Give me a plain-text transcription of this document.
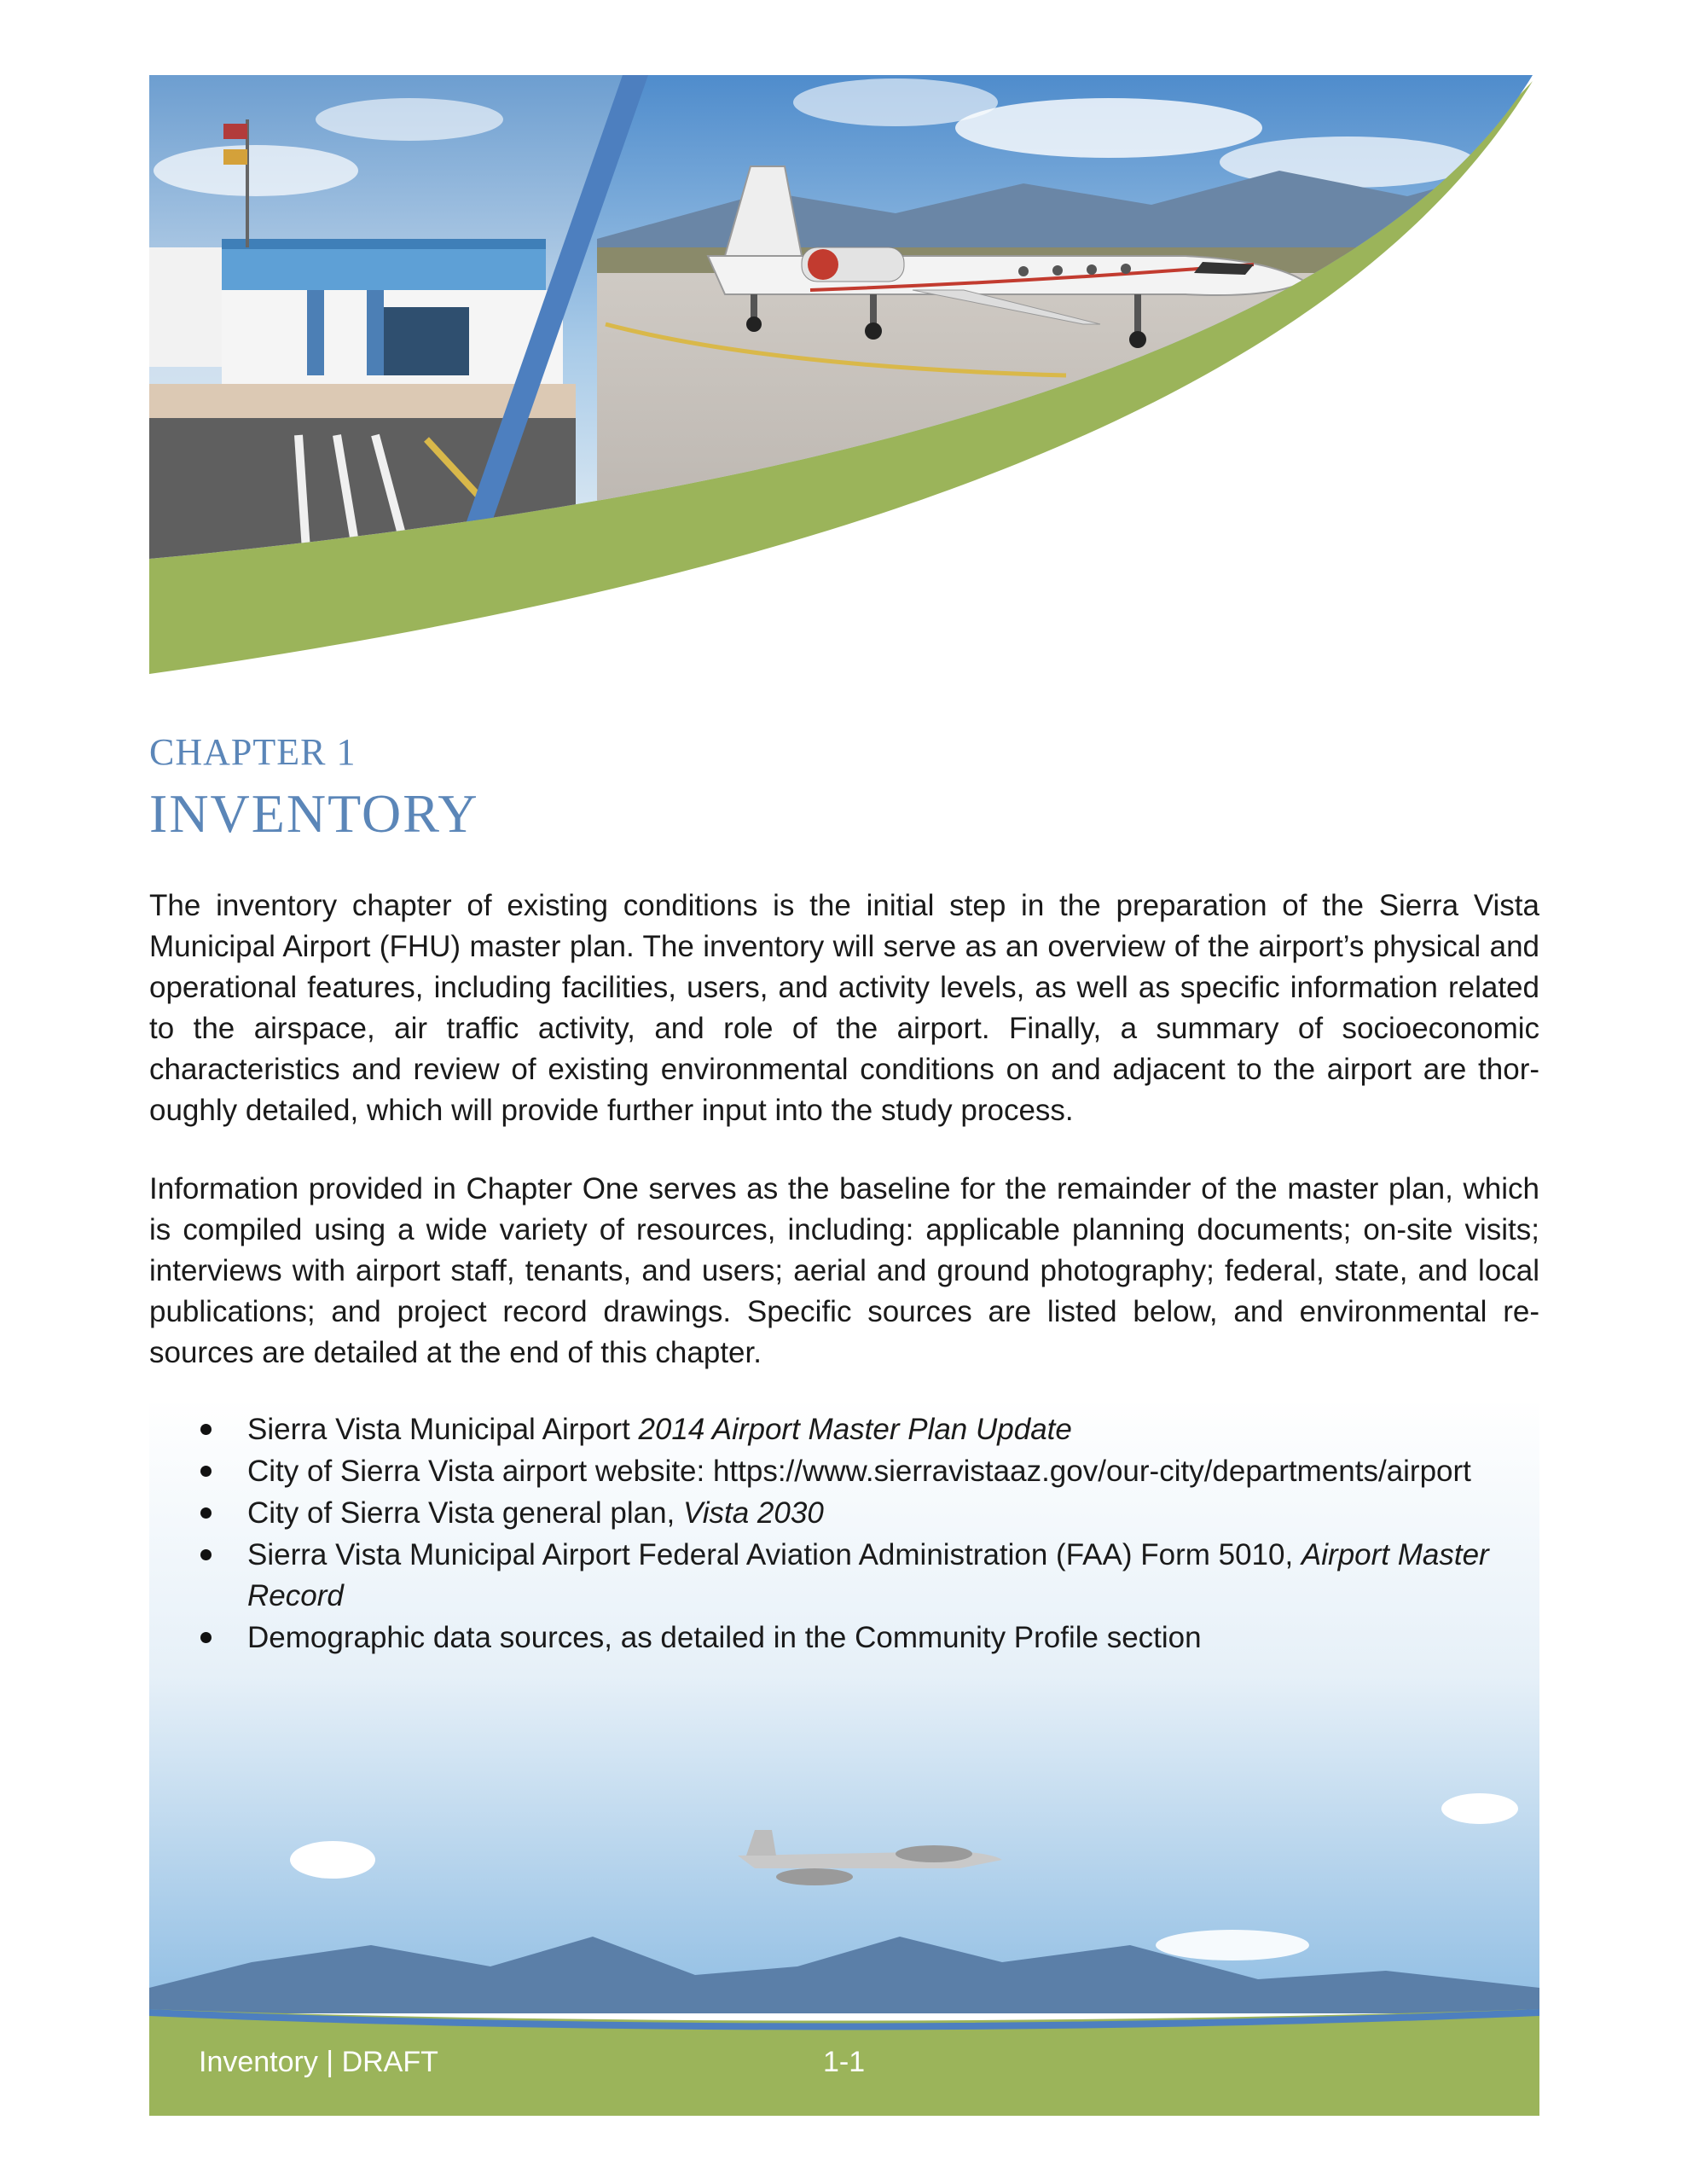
CHAPTER 1
INVENTORY
The inventory chapter of existing conditions is the initial step in the preparation of the Sierra Vista Municipal Airport (FHU) master plan. The inventory will serve as an overview of the airport’s physical and operational features, including facilities, users, and activity levels, as well as specific information related to the airspace, air traffic activity, and role of the airport. Finally, a summary of socioeconomic characteristics and review of existing environmental conditions on and adjacent to the airport are thor-oughly detailed, which will provide further input into the study process.
Information provided in Chapter One serves as the baseline for the remainder of the master plan, which is compiled using a wide variety of resources, including: applicable planning documents; on-site visits; interviews with airport staff, tenants, and users; aerial and ground photography; federal, state, and local publications; and project record drawings. Specific sources are listed below, and environmental re-sources are detailed at the end of this chapter.
Sierra Vista Municipal Airport 2014 Airport Master Plan Update
City of Sierra Vista airport website: https://www.sierravistaaz.gov/our-city/departments/airport
City of Sierra Vista general plan, Vista 2030
Sierra Vista Municipal Airport Federal Aviation Administration (FAA) Form 5010, Airport Master Record
Demographic data sources, as detailed in the Community Profile section
Inventory | DRAFT	1-1
